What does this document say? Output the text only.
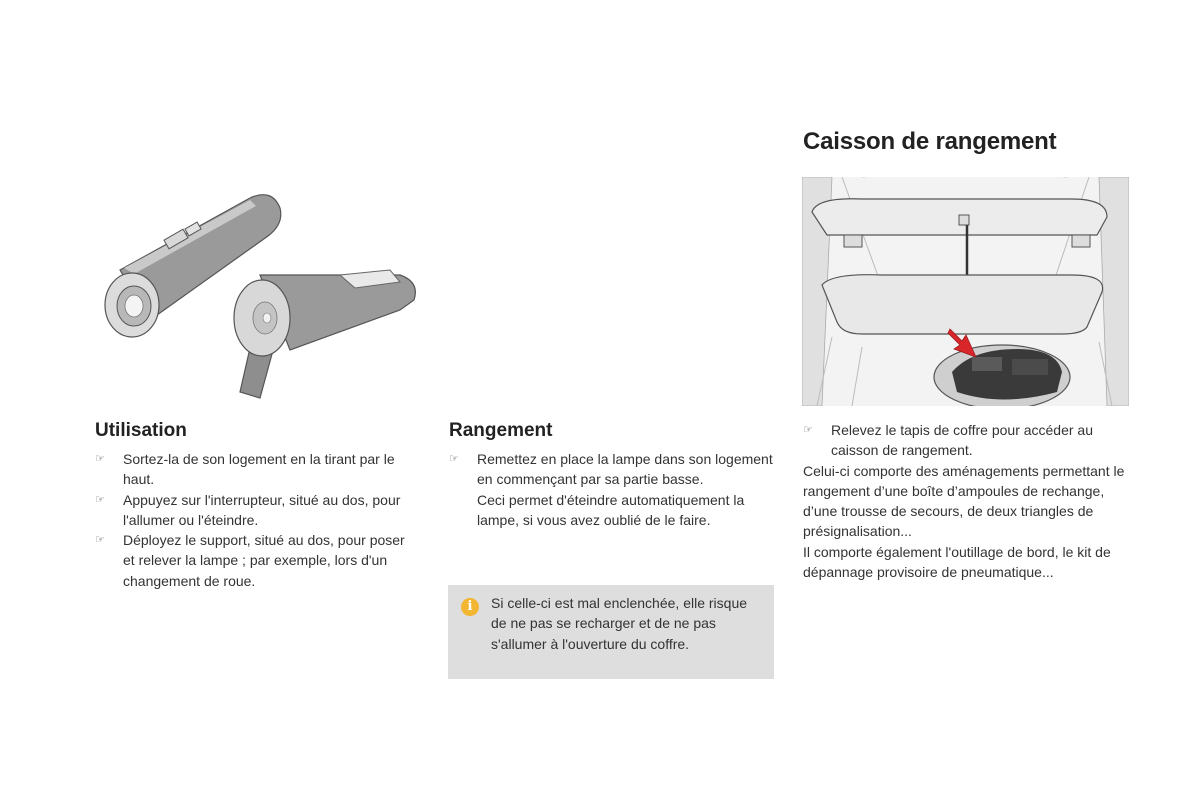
Caisson de rangement
☞ Relevez le tapis de coffre pour accéder au caisson de rangement.

Celui-ci comporte des aménagements permettant le rangement d’une boîte d’ampoules de rechange, d’une trousse de secours, de deux triangles de présignalisation...

Il comporte également l'outillage de bord, le kit de dépannage provisoire de pneumatique...

Utilisation
☞ Sortez-la de son logement en la tirant par le haut.
☞ Appuyez sur l'interrupteur, situé au dos, pour l'allumer ou l'éteindre.
☞ Déployez le support, situé au dos, pour poser et relever la lampe ; par exemple, lors d'un changement de roue.
Rangement
☞ Remettez en place la lampe dans son logement en commençant par sa partie basse.

Ceci permet d'éteindre automatiquement la lampe, si vous avez oublié de le faire.

i	Si celle-ci est mal enclenchée, elle risque de ne pas se recharger et de ne pas s'allumer à l'ouverture du coffre.
